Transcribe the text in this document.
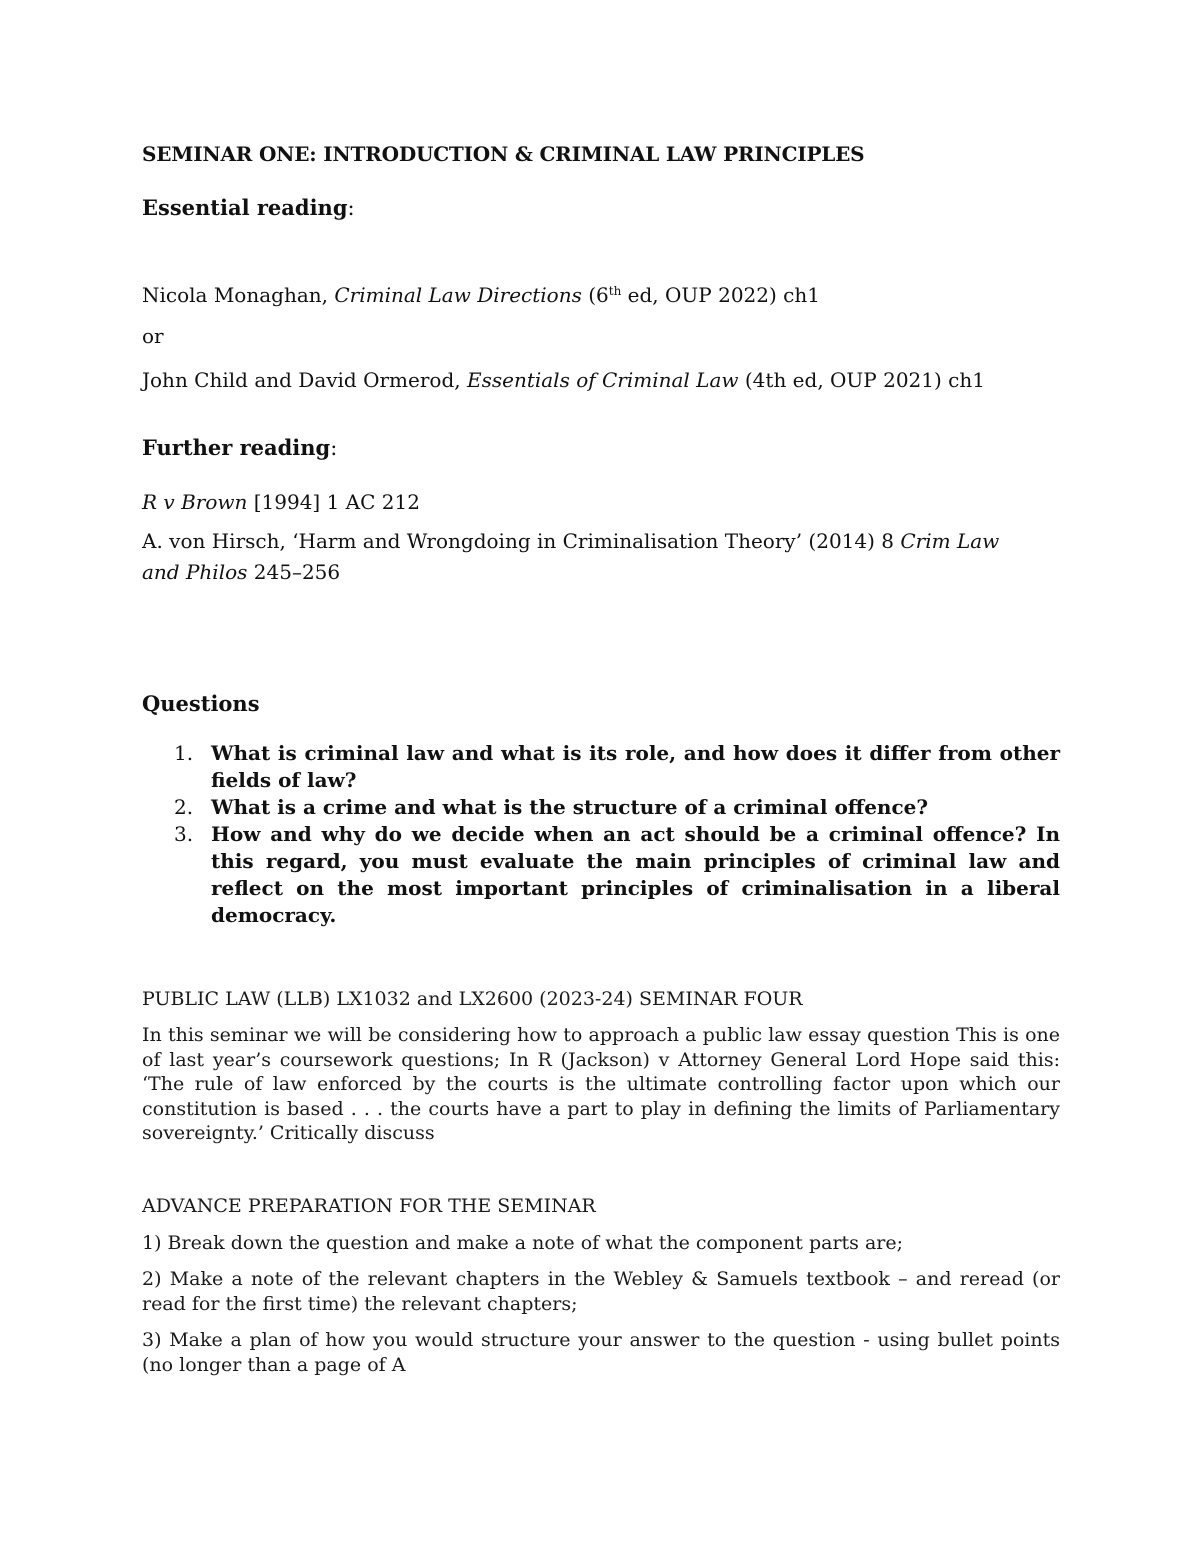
SEMINAR ONE: INTRODUCTION & CRIMINAL LAW PRINCIPLES
Essential reading:
Nicola Monaghan, Criminal Law Directions (6th ed, OUP 2022) ch1
or
John Child and David Ormerod, Essentials of Criminal Law (4th ed, OUP 2021) ch1
Further reading:
R v Brown [1994] 1 AC 212
A. von Hirsch, ‘Harm and Wrongdoing in Criminalisation Theory’ (2014) 8 Crim Law
and Philos 245–256
Questions
1. What is criminal law and what is its role, and how does it differ from other fields of law?
2. What is a crime and what is the structure of a criminal offence?
3. How and why do we decide when an act should be a criminal offence? In this regard, you must evaluate the main principles of criminal law and reflect on the most important principles of criminalisation in a liberal democracy.
PUBLIC LAW (LLB) LX1032 and LX2600 (2023-24) SEMINAR FOUR
In this seminar we will be considering how to approach a public law essay question This is one of last year’s coursework questions; In R (Jackson) v Attorney General Lord Hope said this: ‘The rule of law enforced by the courts is the ultimate controlling factor upon which our constitution is based . . . the courts have a part to play in defining the limits of Parliamentary sovereignty.’ Critically discuss
ADVANCE PREPARATION FOR THE SEMINAR
1) Break down the question and make a note of what the component parts are;
2) Make a note of the relevant chapters in the Webley & Samuels textbook – and reread (or read for the first time) the relevant chapters;
3) Make a plan of how you would structure your answer to the question - using bullet points (no longer than a page of A
